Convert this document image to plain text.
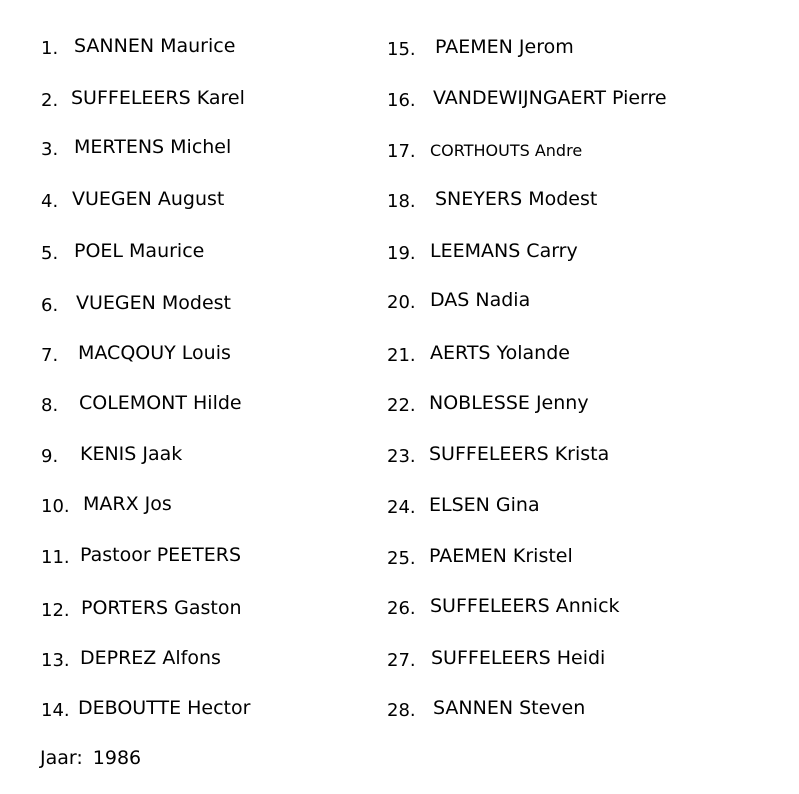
1. SANNEN Maurice
2. SUFFELEERS Karel
3. MERTENS Michel
4. VUEGEN August
5. POEL Maurice
6. VUEGEN Modest
7. MACQOUY Louis
8. COLEMONT Hilde
9. KENIS Jaak
10. MARX Jos
11. Pastoor PEETERS
12. PORTERS Gaston
13. DEPREZ Alfons
14. DEBOUTTE Hector
15. PAEMEN Jerom
16. VANDEWIJNGAERT Pierre
17. CORTHOUTS Andre
18. SNEYERS Modest
19. LEEMANS Carry
20. DAS Nadia
21. AERTS Yolande
22. NOBLESSE Jenny
23. SUFFELEERS Krista
24. ELSEN Gina
25. PAEMEN Kristel
26. SUFFELEERS Annick
27. SUFFELEERS Heidi
28. SANNEN Steven
Jaar: 1986
